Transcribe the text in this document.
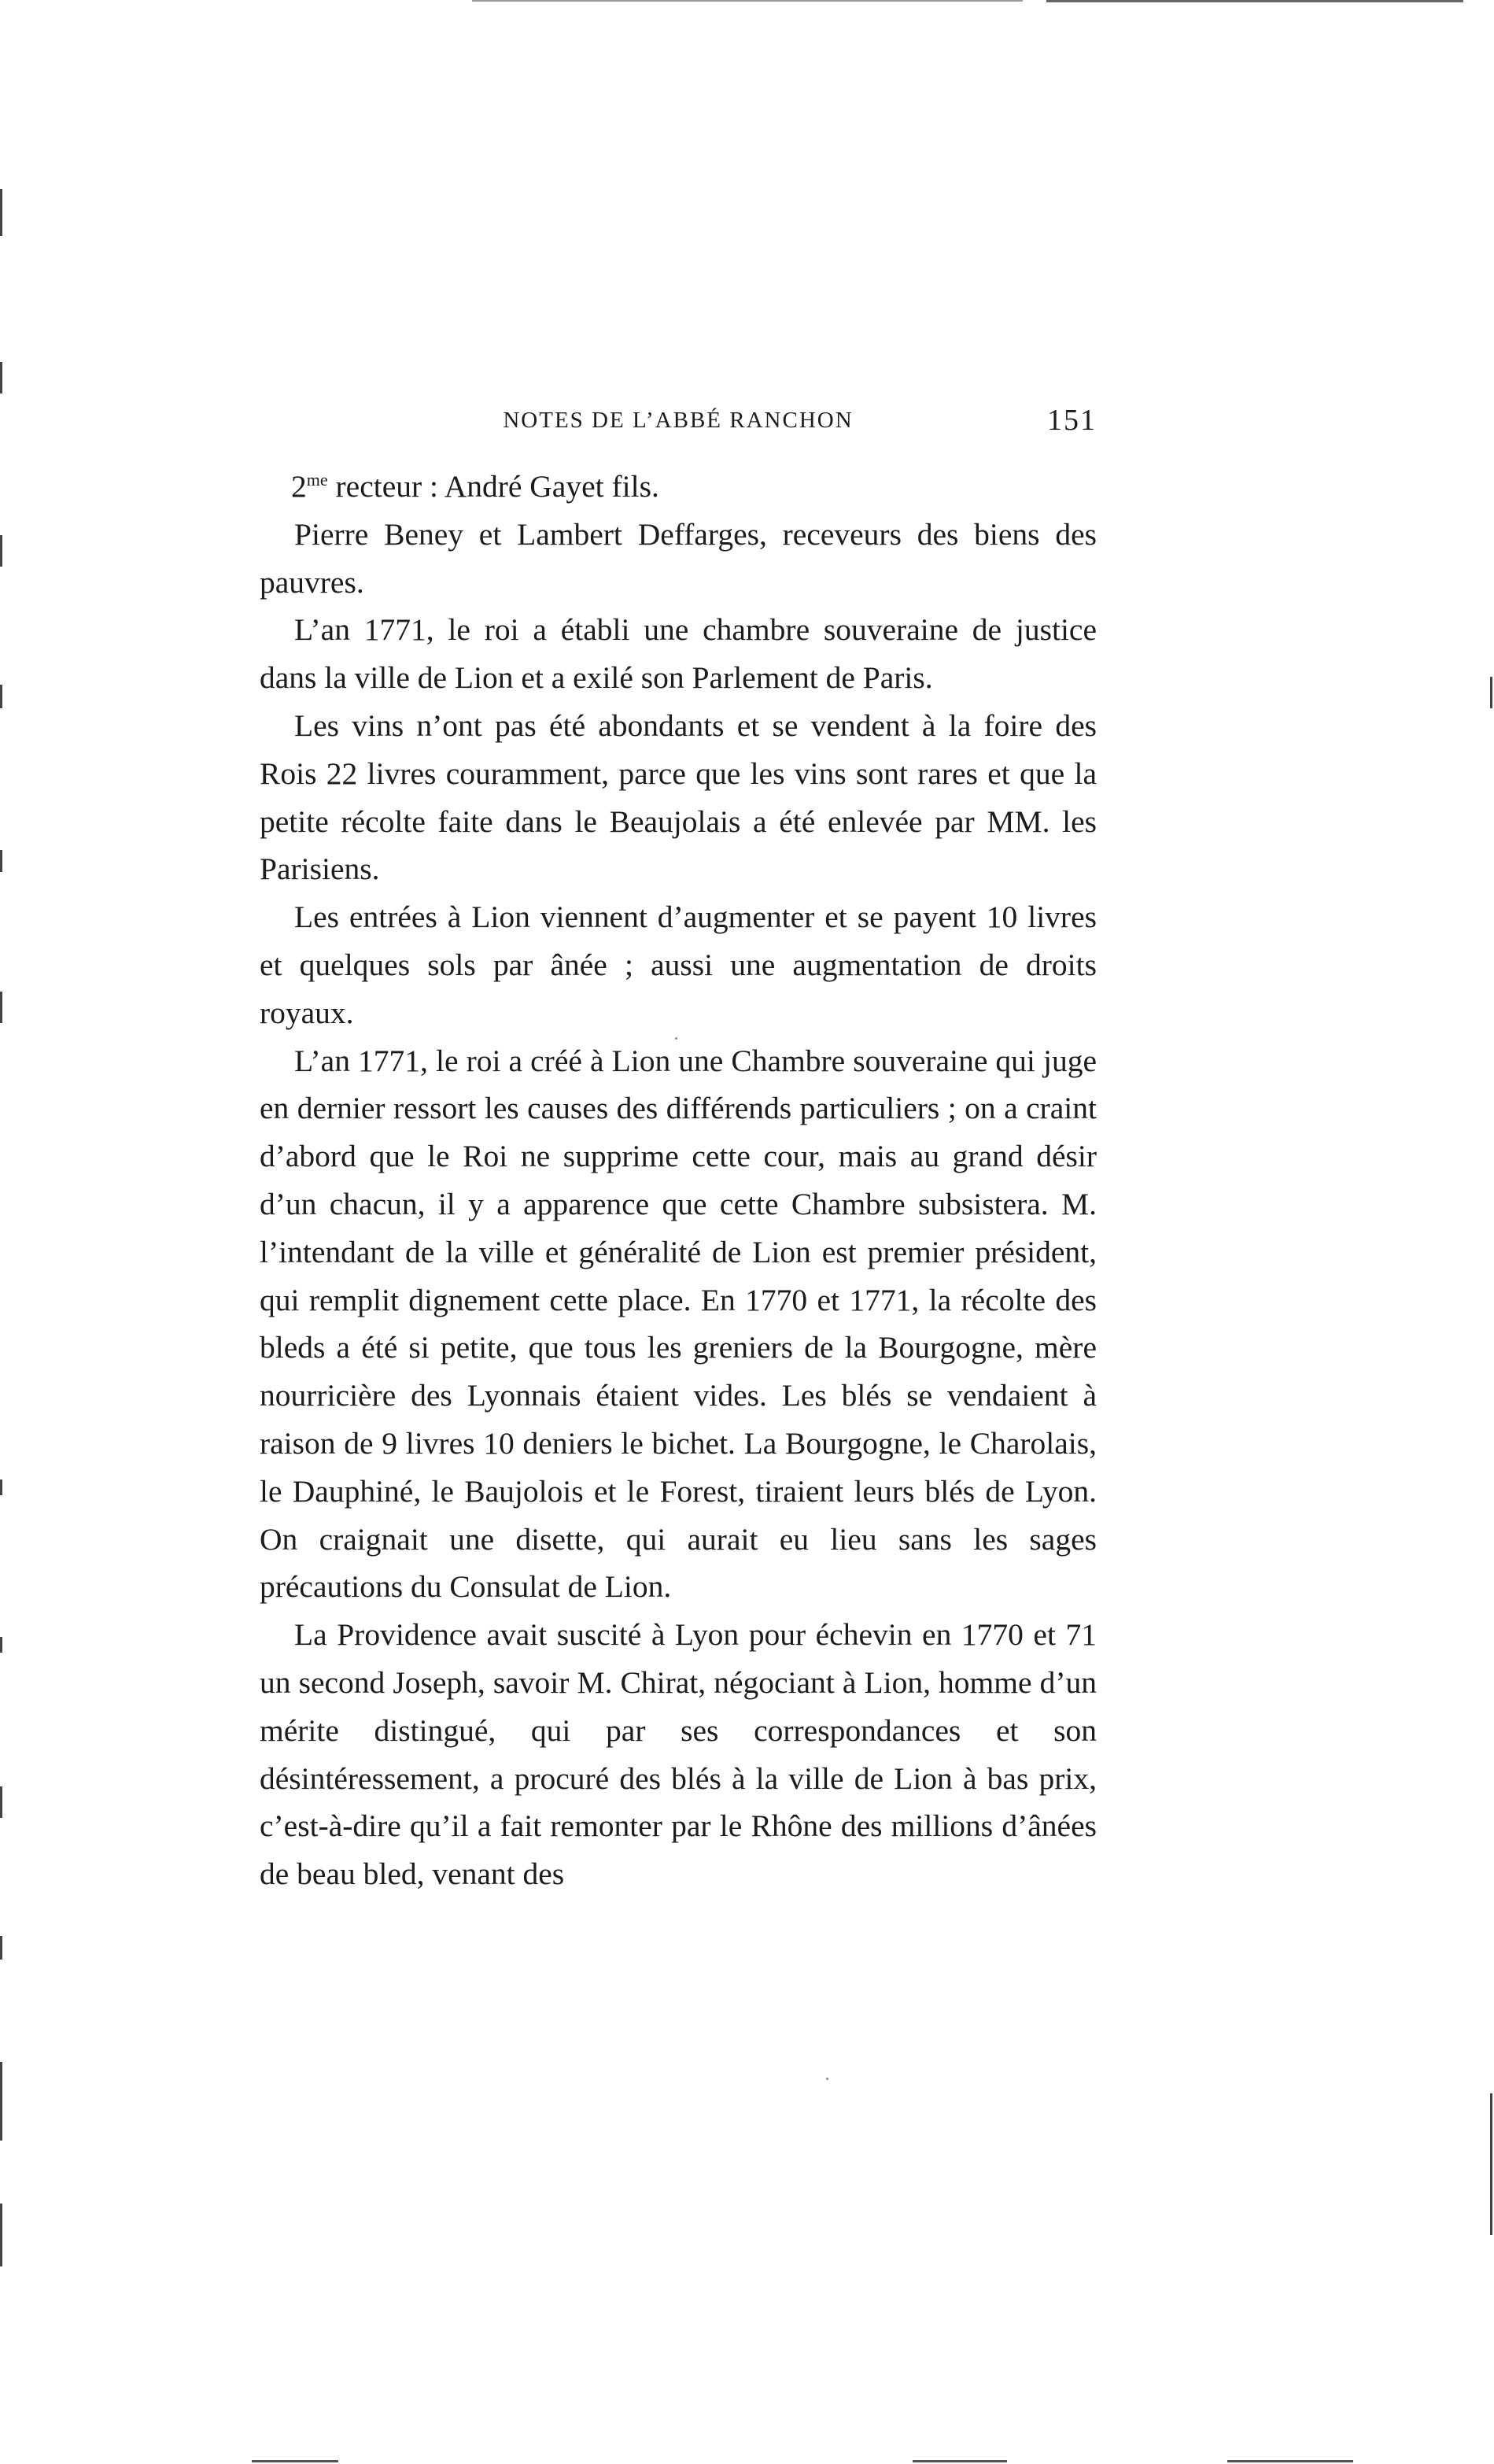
NOTES DE L’ABBÉ RANCHON	151

$2^{me}$ recteur : André Gayet fils.

Pierre Beney et Lambert Deffarges, receveurs des biens des pauvres.

L’an 1771, le roi a établi une chambre souveraine de justice dans la ville de Lion et a exilé son Parlement de Paris.

Les vins n’ont pas été abondants et se vendent à la foire des Rois 22 livres couramment, parce que les vins sont rares et que la petite récolte faite dans le Beaujolais a été enlevée par MM. les Parisiens.

Les entrées à Lion viennent d’augmenter et se payent 10 livres et quelques sols par ânée ; aussi une augmentation de droits royaux.

L’an 1771, le roi a créé à Lion une Chambre souveraine qui juge en dernier ressort les causes des différends particuliers ; on a craint d’abord que le Roi ne supprime cette cour, mais au grand désir d’un chacun, il y a apparence que cette Chambre subsistera. M. l’intendant de la ville et généralité de Lion est premier président, qui remplit dignement cette place. En 1770 et 1771, la récolte des bleds a été si petite, que tous les greniers de la Bourgogne, mère nourricière des Lyonnais étaient vides. Les blés se vendaient à raison de 9 livres 10 deniers le bichet. La Bourgogne, le Charolais, le Dauphiné, le Baujolois et le Forest, tiraient leurs blés de Lyon. On craignait une disette, qui aurait eu lieu sans les sages précautions du Consulat de Lion.

La Providence avait suscité à Lyon pour échevin en 1770 et 71 un second Joseph, savoir M. Chirat, négociant à Lion, homme d’un mérite distingué, qui par ses correspondances et son désintéressement, a procuré des blés à la ville de Lion à bas prix, c’est-à-dire qu’il a fait remonter par le Rhône des millions d’ânées de beau bled, venant des
